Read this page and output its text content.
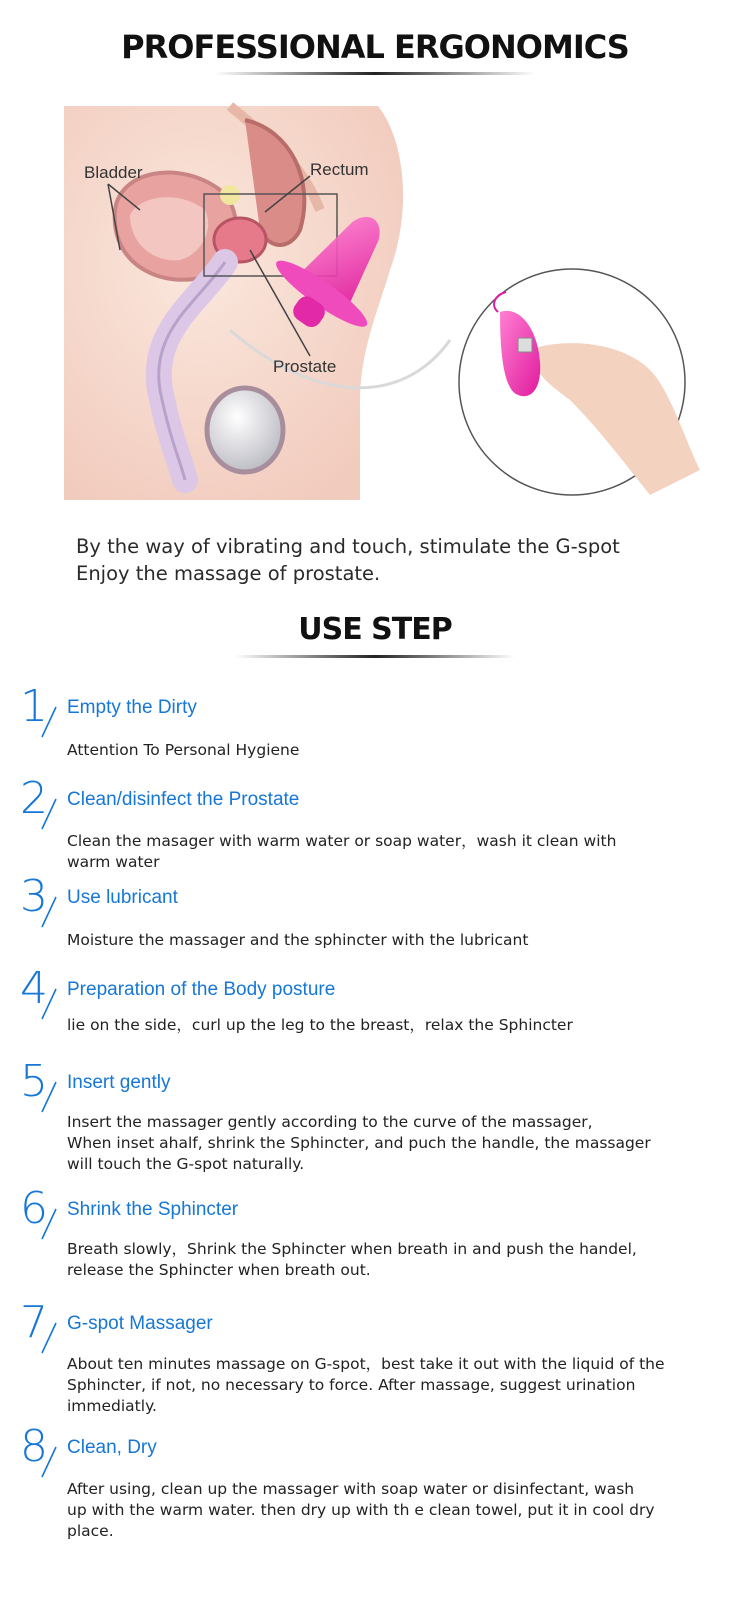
PROFESSIONAL ERGONOMICS
Bladder	Rectum
Prostate
By the way of vibrating and touch, stimulate the G-spot
Enjoy the massage of prostate.
USE STEP
1 Empty the Dirty
Attention To Personal Hygiene
2 Clean/disinfect the Prostate
Clean the masager with warm water or soap water，wash it clean with
warm water
3 Use lubricant
Moisture the massager and the sphincter with the lubricant
4 Preparation of the Body posture
lie on the side，curl up the leg to the breast，relax the Sphincter
5 Insert gently
Insert the massager gently according to the curve of the massager,
When inset ahalf, shrink the Sphincter, and puch the handle, the massager
will touch the G-spot naturally.
6 Shrink the Sphincter
Breath slowly，Shrink the Sphincter when breath in and push the handel,
release the Sphincter when breath out.
7 G-spot Massager
About ten minutes massage on G-spot，best take it out with the liquid of the
Sphincter, if not, no necessary to force. After massage, suggest urination
immediatly.
8 Clean, Dry
After using, clean up the massager with soap water or disinfectant, wash
up with the warm water. then dry up with th e clean towel, put it in cool dry
place.
